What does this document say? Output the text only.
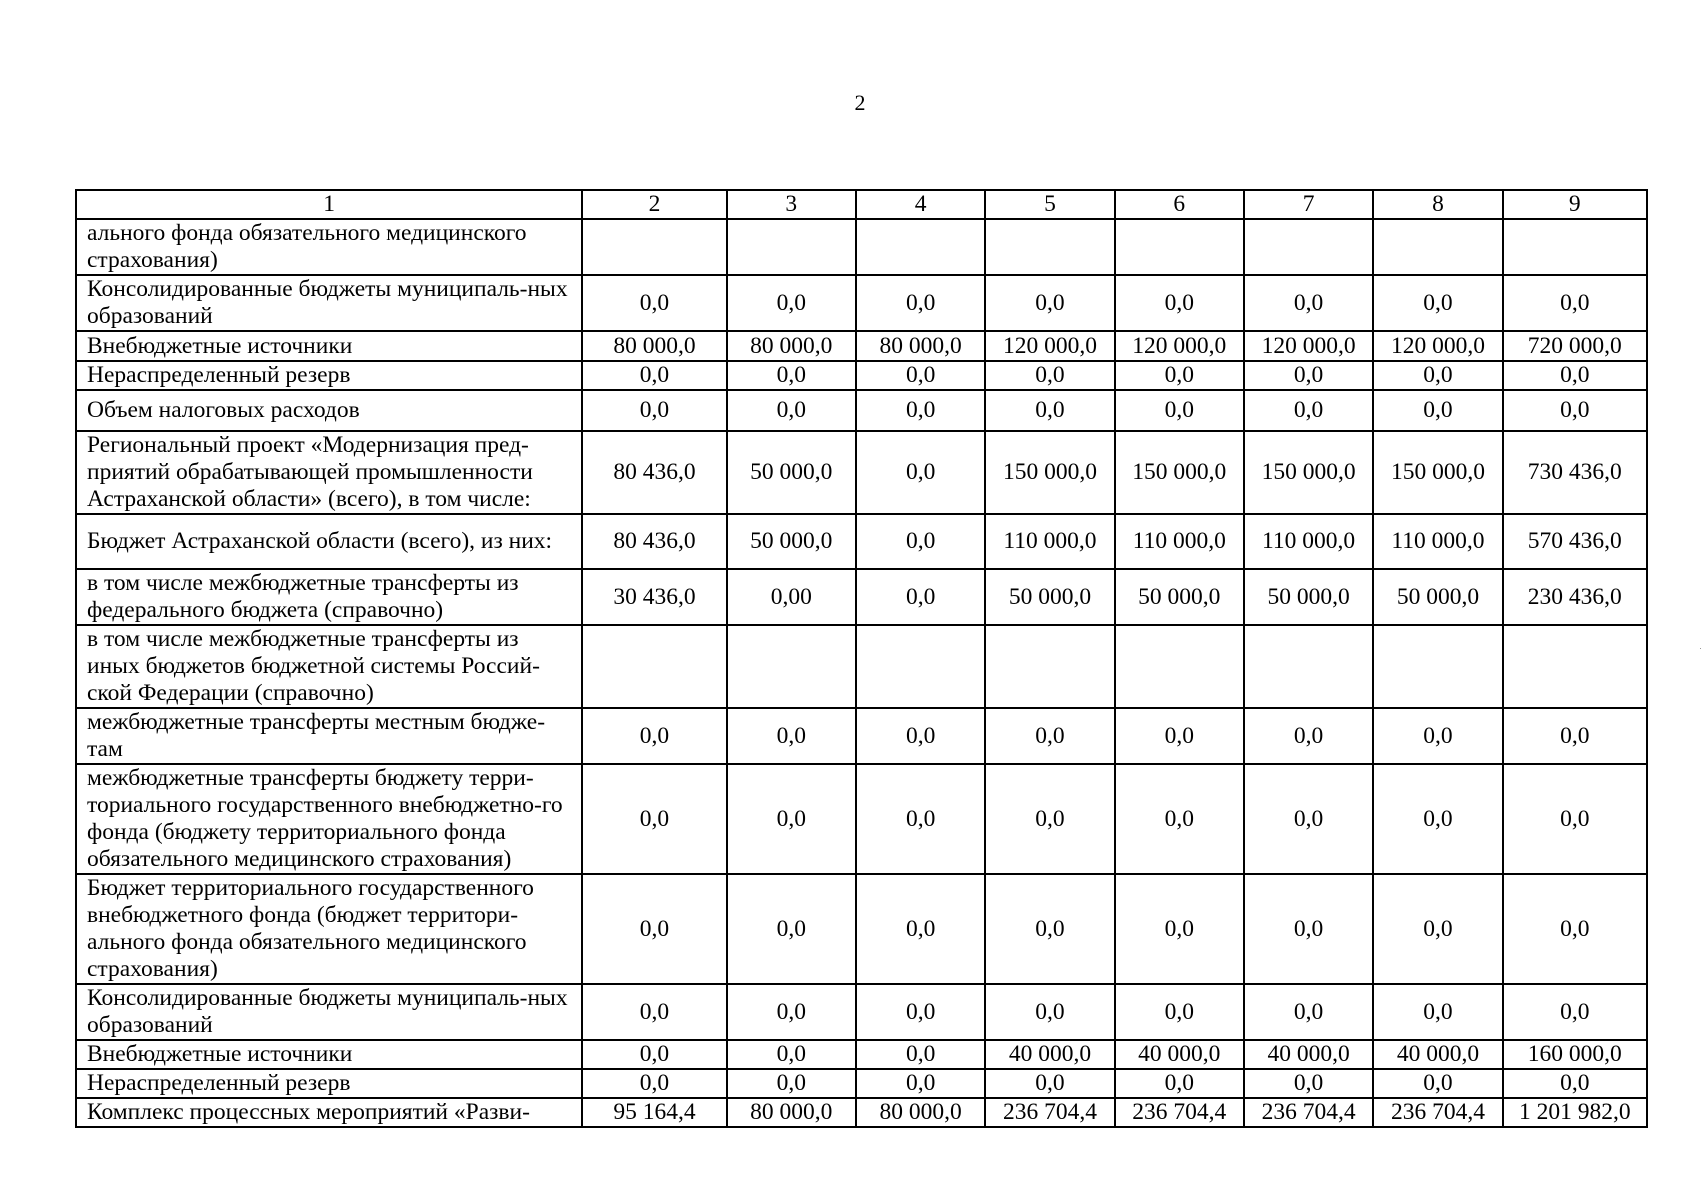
2
1	2	3	4	5	6	7	8	9
ального фонда обязательного медицинского страхования)								
Консолидированные бюджеты муниципаль-ных образований	0,0	0,0	0,0	0,0	0,0	0,0	0,0	0,0
Внебюджетные источники	80 000,0	80 000,0	80 000,0	120 000,0	120 000,0	120 000,0	120 000,0	720 000,0
Нераспределенный резерв	0,0	0,0	0,0	0,0	0,0	0,0	0,0	0,0
Объем налоговых расходов	0,0	0,0	0,0	0,0	0,0	0,0	0,0	0,0
Региональный проект «Модернизация пред-приятий обрабатывающей промышленности Астраханской области» (всего), в том числе:	80 436,0	50 000,0	0,0	150 000,0	150 000,0	150 000,0	150 000,0	730 436,0
Бюджет Астраханской области (всего), из них:	80 436,0	50 000,0	0,0	110 000,0	110 000,0	110 000,0	110 000,0	570 436,0
в том числе межбюджетные трансферты из федерального бюджета (справочно)	30 436,0	0,00	0,0	50 000,0	50 000,0	50 000,0	50 000,0	230 436,0
в том числе межбюджетные трансферты из иных бюджетов бюджетной системы Россий-ской Федерации (справочно)								
межбюджетные трансферты местным бюдже-там	0,0	0,0	0,0	0,0	0,0	0,0	0,0	0,0
межбюджетные трансферты бюджету терри-ториального государственного внебюджетно-го фонда (бюджету территориального фонда обязательного медицинского страхования)	0,0	0,0	0,0	0,0	0,0	0,0	0,0	0,0
Бюджет территориального государственного внебюджетного фонда (бюджет территори-ального фонда обязательного медицинского страхования)	0,0	0,0	0,0	0,0	0,0	0,0	0,0	0,0
Консолидированные бюджеты муниципаль-ных образований	0,0	0,0	0,0	0,0	0,0	0,0	0,0	0,0
Внебюджетные источники	0,0	0,0	0,0	40 000,0	40 000,0	40 000,0	40 000,0	160 000,0
Нераспределенный резерв	0,0	0,0	0,0	0,0	0,0	0,0	0,0	0,0
Комплекс процессных мероприятий «Разви-	95 164,4	80 000,0	80 000,0	236 704,4	236 704,4	236 704,4	236 704,4	1 201 982,0
